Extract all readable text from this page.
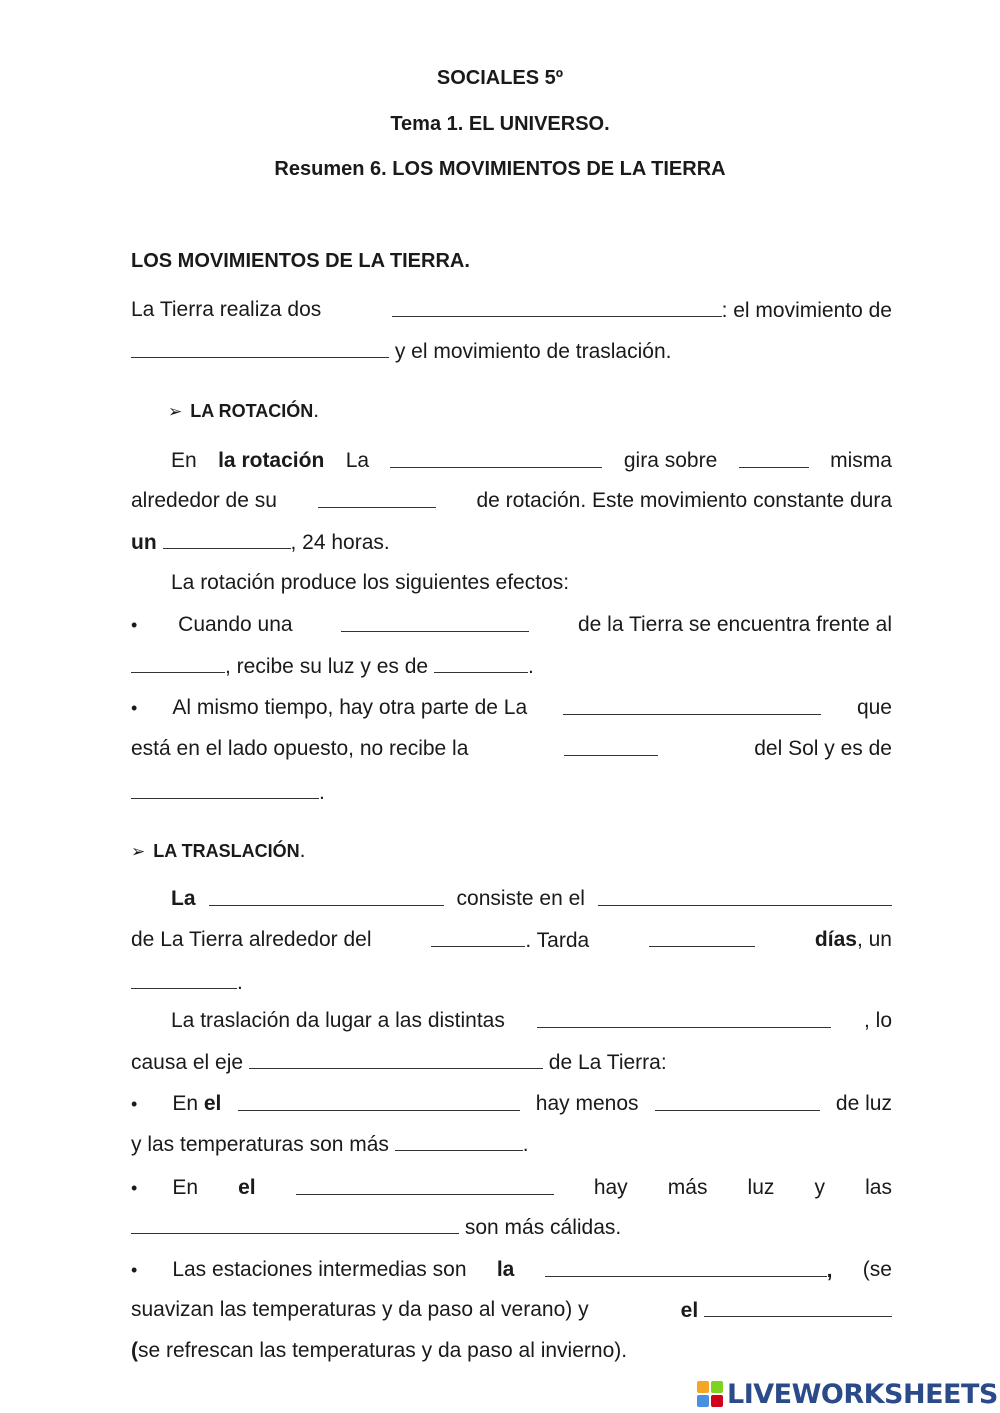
SOCIALES 5º
Tema 1. EL UNIVERSO.
Resumen 6. LOS MOVIMIENTOS DE LA TIERRA
LOS MOVIMIENTOS DE LA TIERRA.
La Tierra realiza dos	: el movimiento de
y el movimiento de traslación.
➢ LA ROTACIÓN.
En la rotación La	gira sobre	misma
alrededor de su	de rotación. Este movimiento constante dura
un	, 24 horas.
La rotación produce los siguientes efectos:
• Cuando una	de la Tierra se encuentra frente al
, recibe su luz y es de	.
• Al mismo tiempo, hay otra parte de La	que
está en el lado opuesto, no recibe la	del Sol y es de
.
➢ LA TRASLACIÓN.
La	consiste en el
de La Tierra alrededor del	. Tarda	días, un
.
La traslación da lugar a las distintas	, lo
causa el eje	de La Tierra:
• En el	hay menos	de luz
y las temperaturas son más	.
• En el	hay más luz y las
son más cálidas.
• Las estaciones intermedias son la	, (se
suavizan las temperaturas y da paso al verano) y	el
(se refrescan las temperaturas y da paso al invierno).
LIVEWORKSHEETS
